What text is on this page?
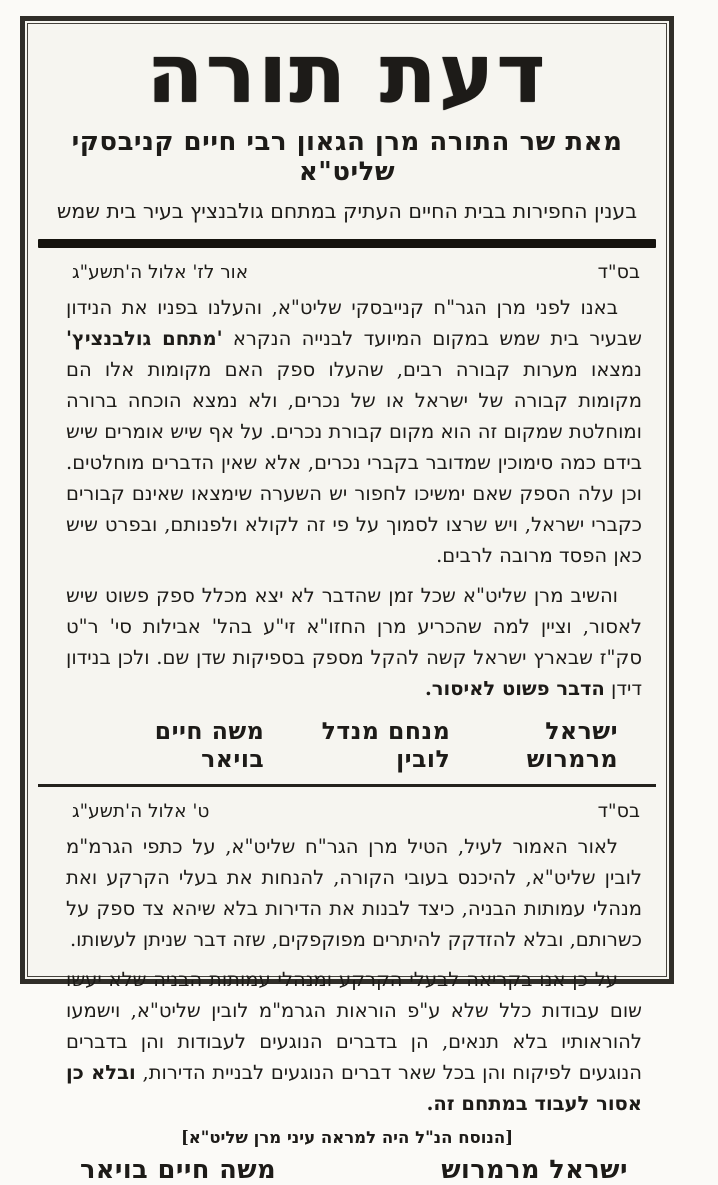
דעת תורה
מאת שר התורה מרן הגאון רבי חיים קניבסקי שליט"א
בענין החפירות בבית החיים העתיק במתחם גולבנציץ בעיר בית שמש
בס"ד
אור לז' אלול ה'תשע"ג

באנו לפני מרן הגר"ח קנייבסקי שליט"א, והעלנו בפניו את הנידון שבעיר בית שמש במקום המיועד לבנייה הנקרא 'מתחם גולבנציץ' נמצאו מערות קבורה רבים, שהעלו ספק האם מקומות אלו הם מקומות קבורה של ישראל או של נכרים, ולא נמצא הוכחה ברורה ומוחלטת שמקום זה הוא מקום קבורת נכרים. על אף שיש אומרים שיש בידם כמה סימוכין שמדובר בקברי נכרים, אלא שאין הדברים מוחלטים. וכן עלה הספק שאם ימשיכו לחפור יש השערה שימצאו שאינם קבורים כקברי ישראל, ויש שרצו לסמוך על פי זה לקולא ולפנותם, ובפרט שיש כאן הפסד מרובה לרבים.

והשיב מרן שליט"א שכל זמן שהדבר לא יצא מכלל ספק פשוט שיש לאסור, וציין למה שהכריע מרן החזו"א זי"ע בהל' אבילות סי' ר"ט סק"ז שבארץ ישראל קשה להקל מספק בספיקות שדן שם. ולכן בנידון דידן הדבר פשוט לאיסור.

ישראל מרמרוש
מנחם מנדל לובין
משה חיים בויאר
בס"ד
ט' אלול ה'תשע"ג

לאור האמור לעיל, הטיל מרן הגר"ח שליט"א, על כתפי הגרמ"מ לובין שליט"א, להיכנס בעובי הקורה, להנחות את בעלי הקרקע ואת מנהלי עמותות הבניה, כיצד לבנות את הדירות בלא שיהא צד ספק על כשרותם, ובלא להזדקק להיתרים מפוקפקים, שזה דבר שניתן לעשותו.

על כן אנו בקריאה לבעלי הקרקע ומנהלי עמותות הבניה שלא יעשו שום עבודות כלל שלא ע"פ הוראות הגרמ"מ לובין שליט"א, וישמעו להוראותיו בלא תנאים, הן בדברים הנוגעים לעבודות והן בדברים הנוגעים לפיקוח והן בכל שאר דברים הנוגעים לבניית הדירות, ובלא כן אסור לעבוד במתחם זה.

[הנוסח הנ"ל היה למראה עיני מרן שליט"א]
ישראל מרמרוש
משה חיים בויאר
